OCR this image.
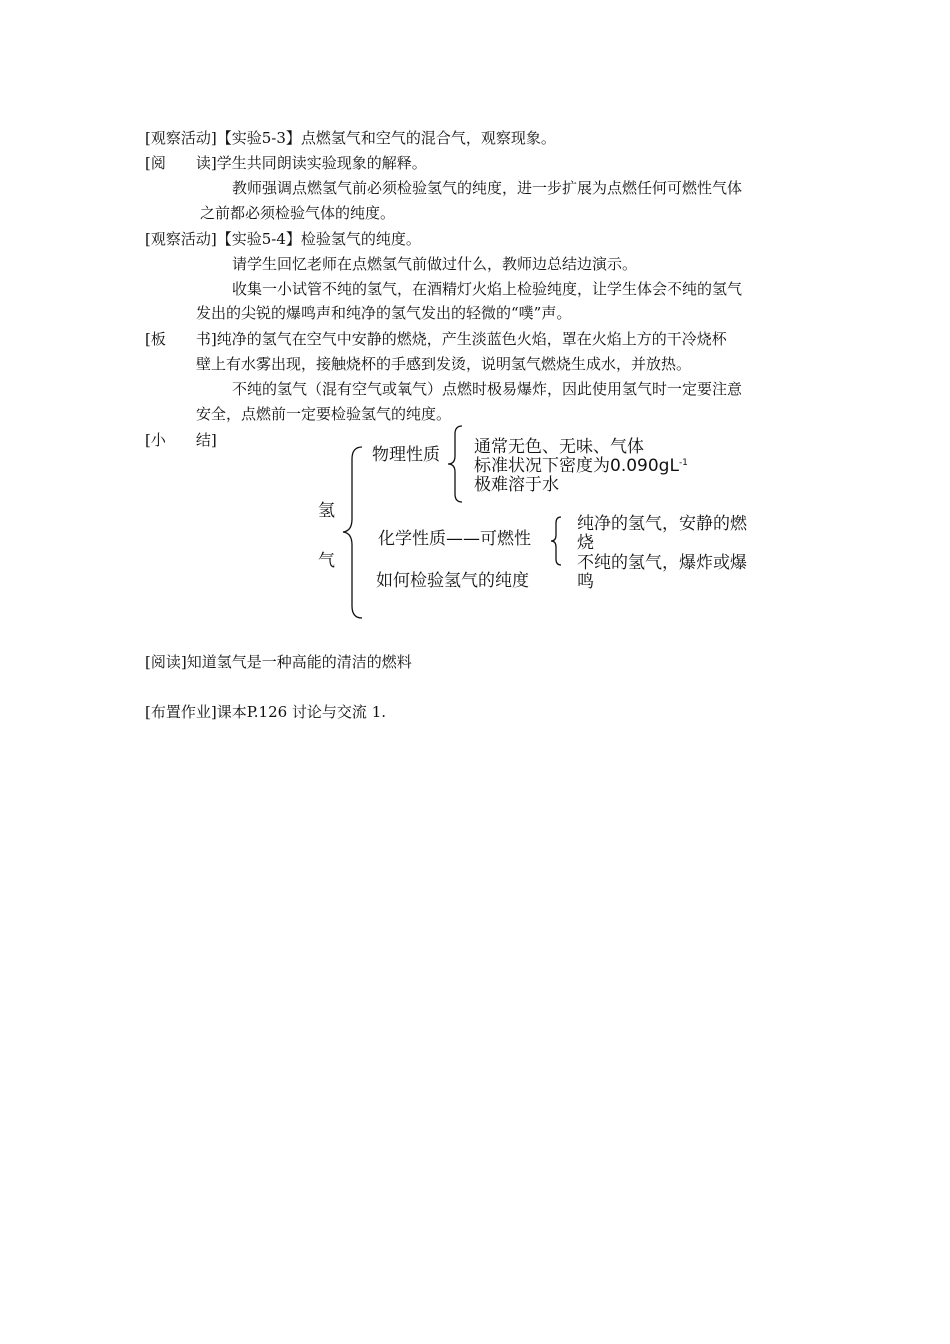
[观察活动]【实验5-3】点燃氢气和空气的混合气，观察现象。
[阅　　读]学生共同朗读实验现象的解释。
教师强调点燃氢气前必须检验氢气的纯度，进一步扩展为点燃任何可燃性气体
之前都必须检验气体的纯度。
[观察活动]【实验5-4】检验氢气的纯度。
请学生回忆老师在点燃氢气前做过什么，教师边总结边演示。
收集一小试管不纯的氢气，在酒精灯火焰上检验纯度，让学生体会不纯的氢气
发出的尖锐的爆鸣声和纯净的氢气发出的轻微的“噗”声。
[板　　书]纯净的氢气在空气中安静的燃烧，产生淡蓝色火焰，罩在火焰上方的干冷烧杯
壁上有水雾出现，接触烧杯的手感到发烫，说明氢气燃烧生成水，并放热。
不纯的氢气（混有空气或氧气）点燃时极易爆炸，因此使用氢气时一定要注意
安全，点燃前一定要检验氢气的纯度。
[小　　结]
氢
气
物理性质 通常无色、无味、气体
标准状况下密度为$0.090gL^{-1}$
极难溶于水
化学性质——可燃性
纯净的氢气，安静的燃
烧
不纯的氢气，爆炸或爆
鸣
如何检验氢气的纯度
[阅读]知道氢气是一种高能的清洁的燃料
[布置作业]课本P.126 讨论与交流 1.
